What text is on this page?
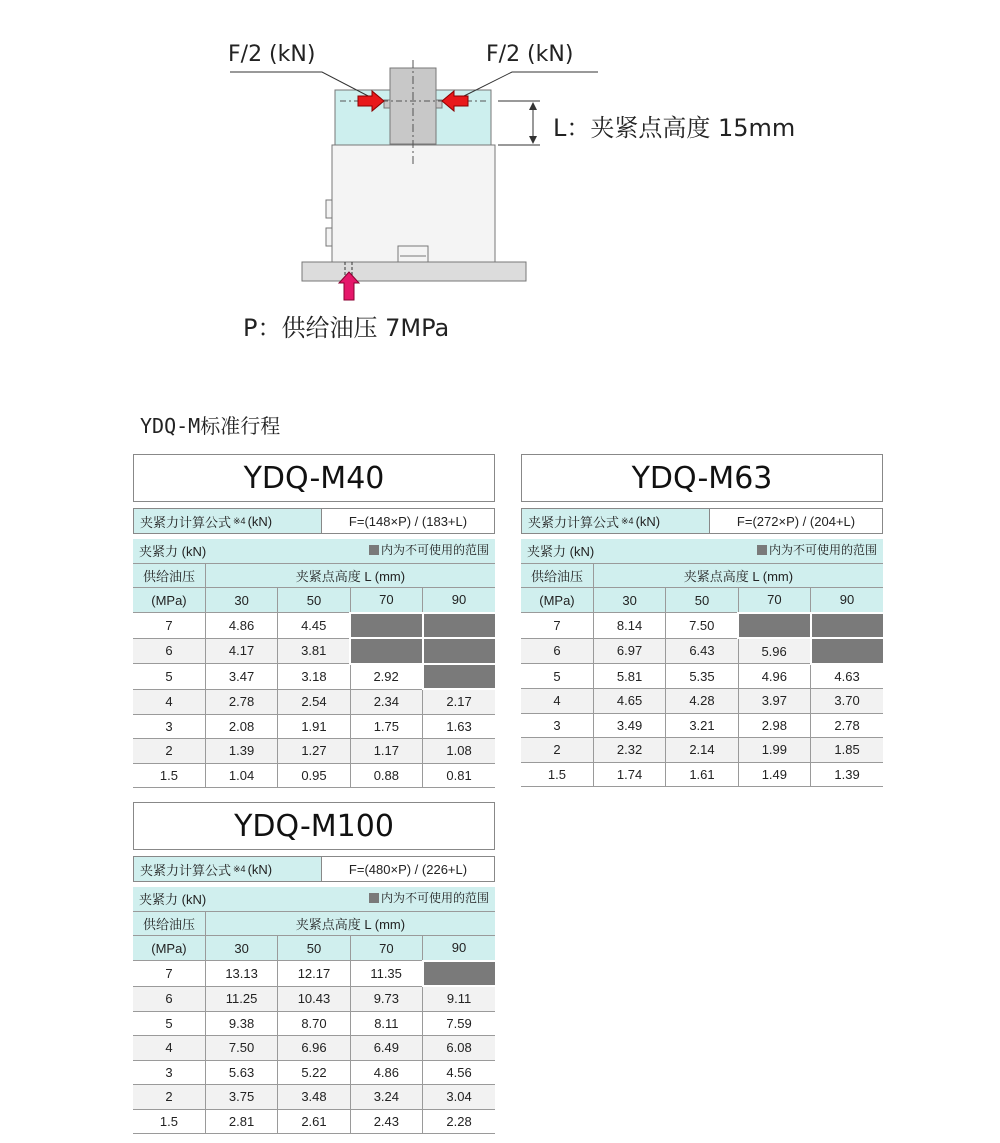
F/2 (kN)	F/2 (kN)
L：夹紧点高度 15mm
P：供给油压 7MPa
YDQ-M标准行程
YDQ-M40
夹紧力计算公式 ※4 (kN)	F=(148×P) / (183+L)
夹紧力 (kN) 内为不可使用的范围				

供给油压	夹紧点高度 L (mm)			
(MPa)	30	50	70	90
7	4.86	4.45		
6	4.17	3.81		
5	3.47	3.18	2.92	
4	2.78	2.54	2.34	2.17
3	2.08	1.91	1.75	1.63
2	1.39	1.27	1.17	1.08
1.5	1.04	0.95	0.88	0.81
YDQ-M63
夹紧力计算公式 ※4 (kN)	F=(272×P) / (204+L)
夹紧力 (kN) 内为不可使用的范围				

供给油压	夹紧点高度 L (mm)			
(MPa)	30	50	70	90
7	8.14	7.50		
6	6.97	6.43	5.96	
5	5.81	5.35	4.96	4.63
4	4.65	4.28	3.97	3.70
3	3.49	3.21	2.98	2.78
2	2.32	2.14	1.99	1.85
1.5	1.74	1.61	1.49	1.39
YDQ-M100
夹紧力计算公式 ※4 (kN)	F=(480×P) / (226+L)
夹紧力 (kN) 内为不可使用的范围				

供给油压	夹紧点高度 L (mm)			
(MPa)	30	50	70	90
7	13.13	12.17	11.35	
6	11.25	10.43	9.73	9.11
5	9.38	8.70	8.11	7.59
4	7.50	6.96	6.49	6.08
3	5.63	5.22	4.86	4.56
2	3.75	3.48	3.24	3.04
1.5	2.81	2.61	2.43	2.28
